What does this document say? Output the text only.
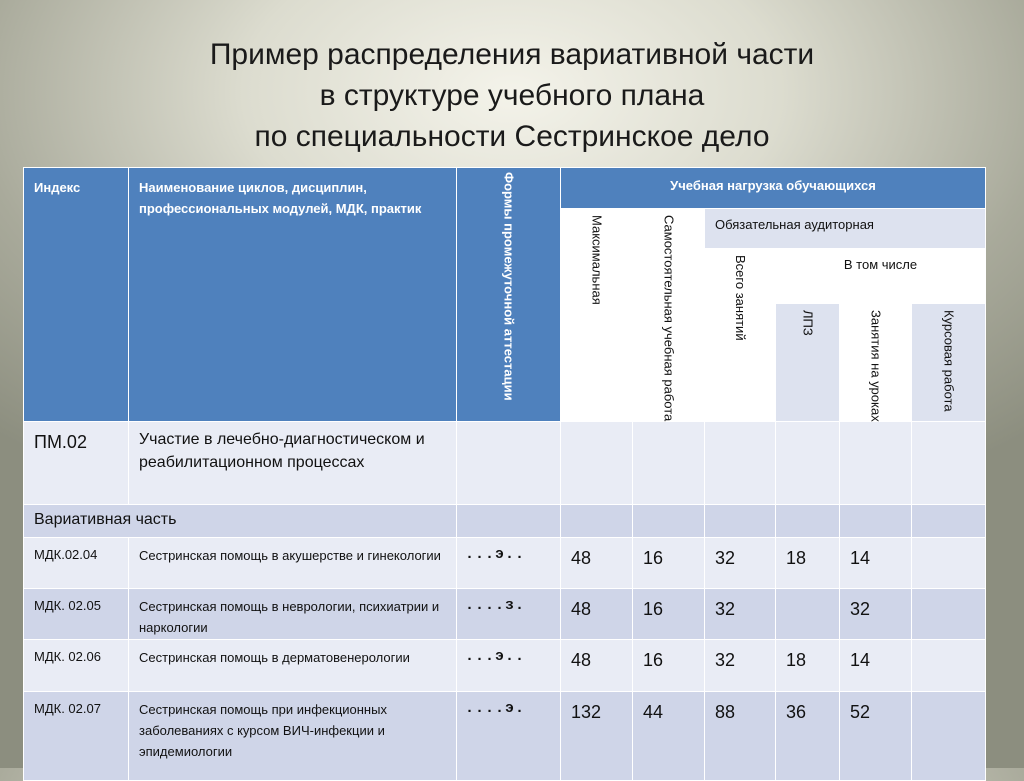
Пример распределения вариативной части
в структуре учебного плана
по специальности Сестринское дело
Индекс	Наименование циклов, дисциплин, профессиональных модулей, МДК, практик	Формы промежуточной аттестации	Учебная нагрузка обучающихся					

			Максимальная	Самостоятельная учебная работа	Обязательная аудиторная			

					Всего занятий	В том числе		

						ЛПЗ	Занятия на уроках	Курсовая работа

ПМ.02	Участие в лечебно-диагностическом и реабилитационном процессах							

Вариативная часть								

МДК.02.04	Сестринская помощь в акушерстве и гинекологии	...э..	48	16	32	18	14	

МДК. 02.05	Сестринская помощь в неврологии, психиатрии и наркологии	....з.	48	16	32		32	

МДК. 02.06	Сестринская помощь в дерматовенерологии	...э..	48	16	32	18	14	

МДК. 02.07	Сестринская помощь при инфекционных заболеваниях с курсом ВИЧ-инфекции и эпидемиологии	....э.	132	44	88	36	52	
